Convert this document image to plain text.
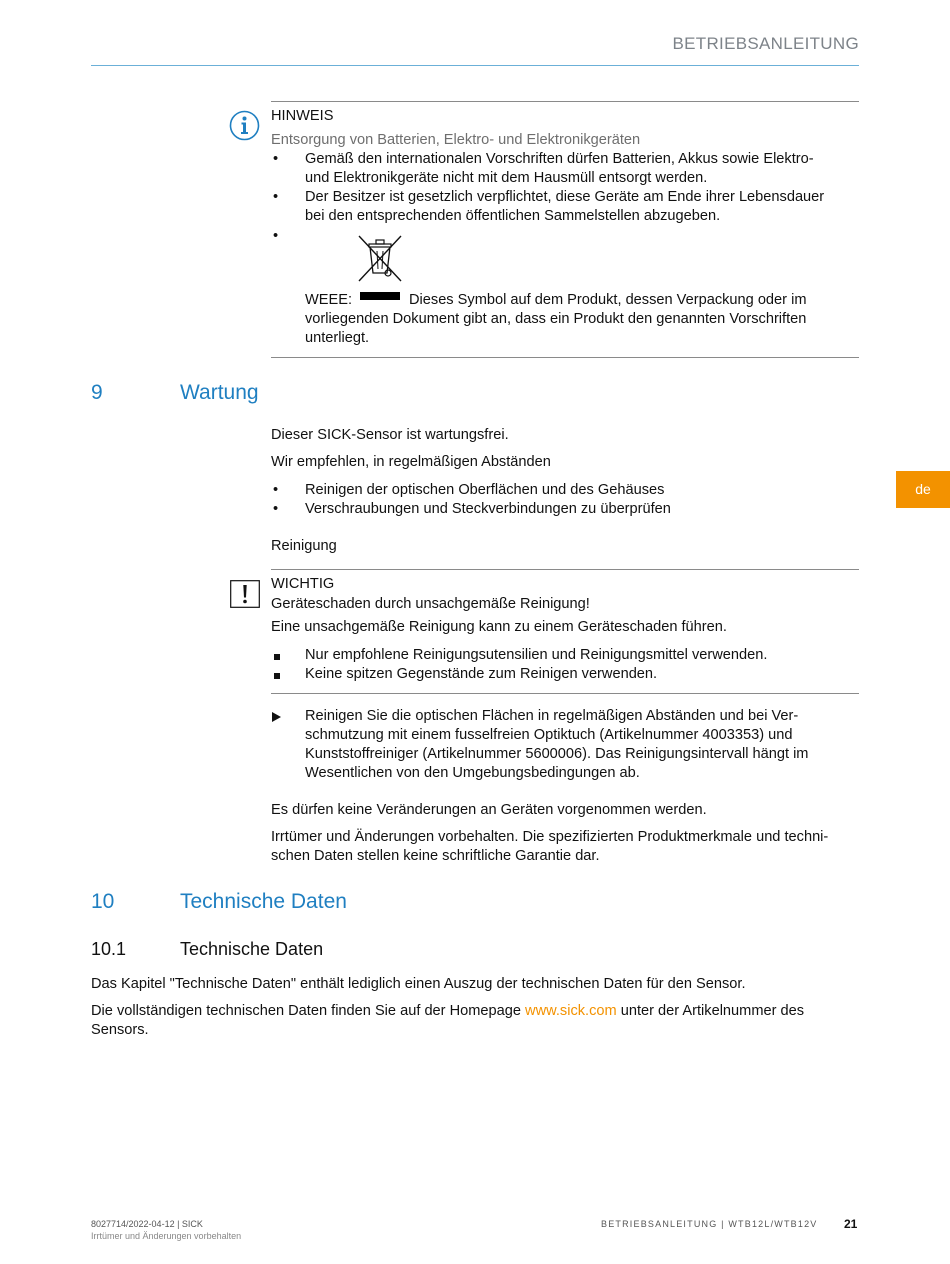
BETRIEBSANLEITUNG
de
HINWEIS
Entsorgung von Batterien, Elektro- und Elektronikgeräten
• Gemäß den internationalen Vorschriften dürfen Batterien, Akkus sowie Elektro-
und Elektronikgeräte nicht mit dem Hausmüll entsorgt werden.
• Der Besitzer ist gesetzlich verpflichtet, diese Geräte am Ende ihrer Lebensdauer
bei den entsprechenden öffentlichen Sammelstellen abzugeben.
•
WEEE:	Dieses Symbol auf dem Produkt, dessen Verpackung oder im
vorliegenden Dokument gibt an, dass ein Produkt den genannten Vorschriften
unterliegt.
9	Wartung
Dieser SICK-Sensor ist wartungsfrei.
Wir empfehlen, in regelmäßigen Abständen
• Reinigen der optischen Oberflächen und des Gehäuses
• Verschraubungen und Steckverbindungen zu überprüfen
Reinigung
WICHTIG
Geräteschaden durch unsachgemäße Reinigung!
Eine unsachgemäße Reinigung kann zu einem Geräteschaden führen.
Nur empfohlene Reinigungsutensilien und Reinigungsmittel verwenden.
Keine spitzen Gegenstände zum Reinigen verwenden.
Reinigen Sie die optischen Flächen in regelmäßigen Abständen und bei Ver-
schmutzung mit einem fusselfreien Optiktuch (Artikelnummer 4003353) und
Kunststoffreiniger (Artikelnummer 5600006). Das Reinigungsintervall hängt im
Wesentlichen von den Umgebungsbedingungen ab.
Es dürfen keine Veränderungen an Geräten vorgenommen werden.
Irrtümer und Änderungen vorbehalten. Die spezifizierten Produktmerkmale und techni-
schen Daten stellen keine schriftliche Garantie dar.
10	Technische Daten
10.1	Technische Daten
Das Kapitel "Technische Daten" enthält lediglich einen Auszug der technischen Daten für den Sensor.
Die vollständigen technischen Daten finden Sie auf der Homepage www.sick.com unter der Artikelnummer des
Sensors.
8027714/2022-04-12 | SICK
Irrtümer und Änderungen vorbehalten
BETRIEBSANLEITUNG | WTB12L/WTB12V 21
